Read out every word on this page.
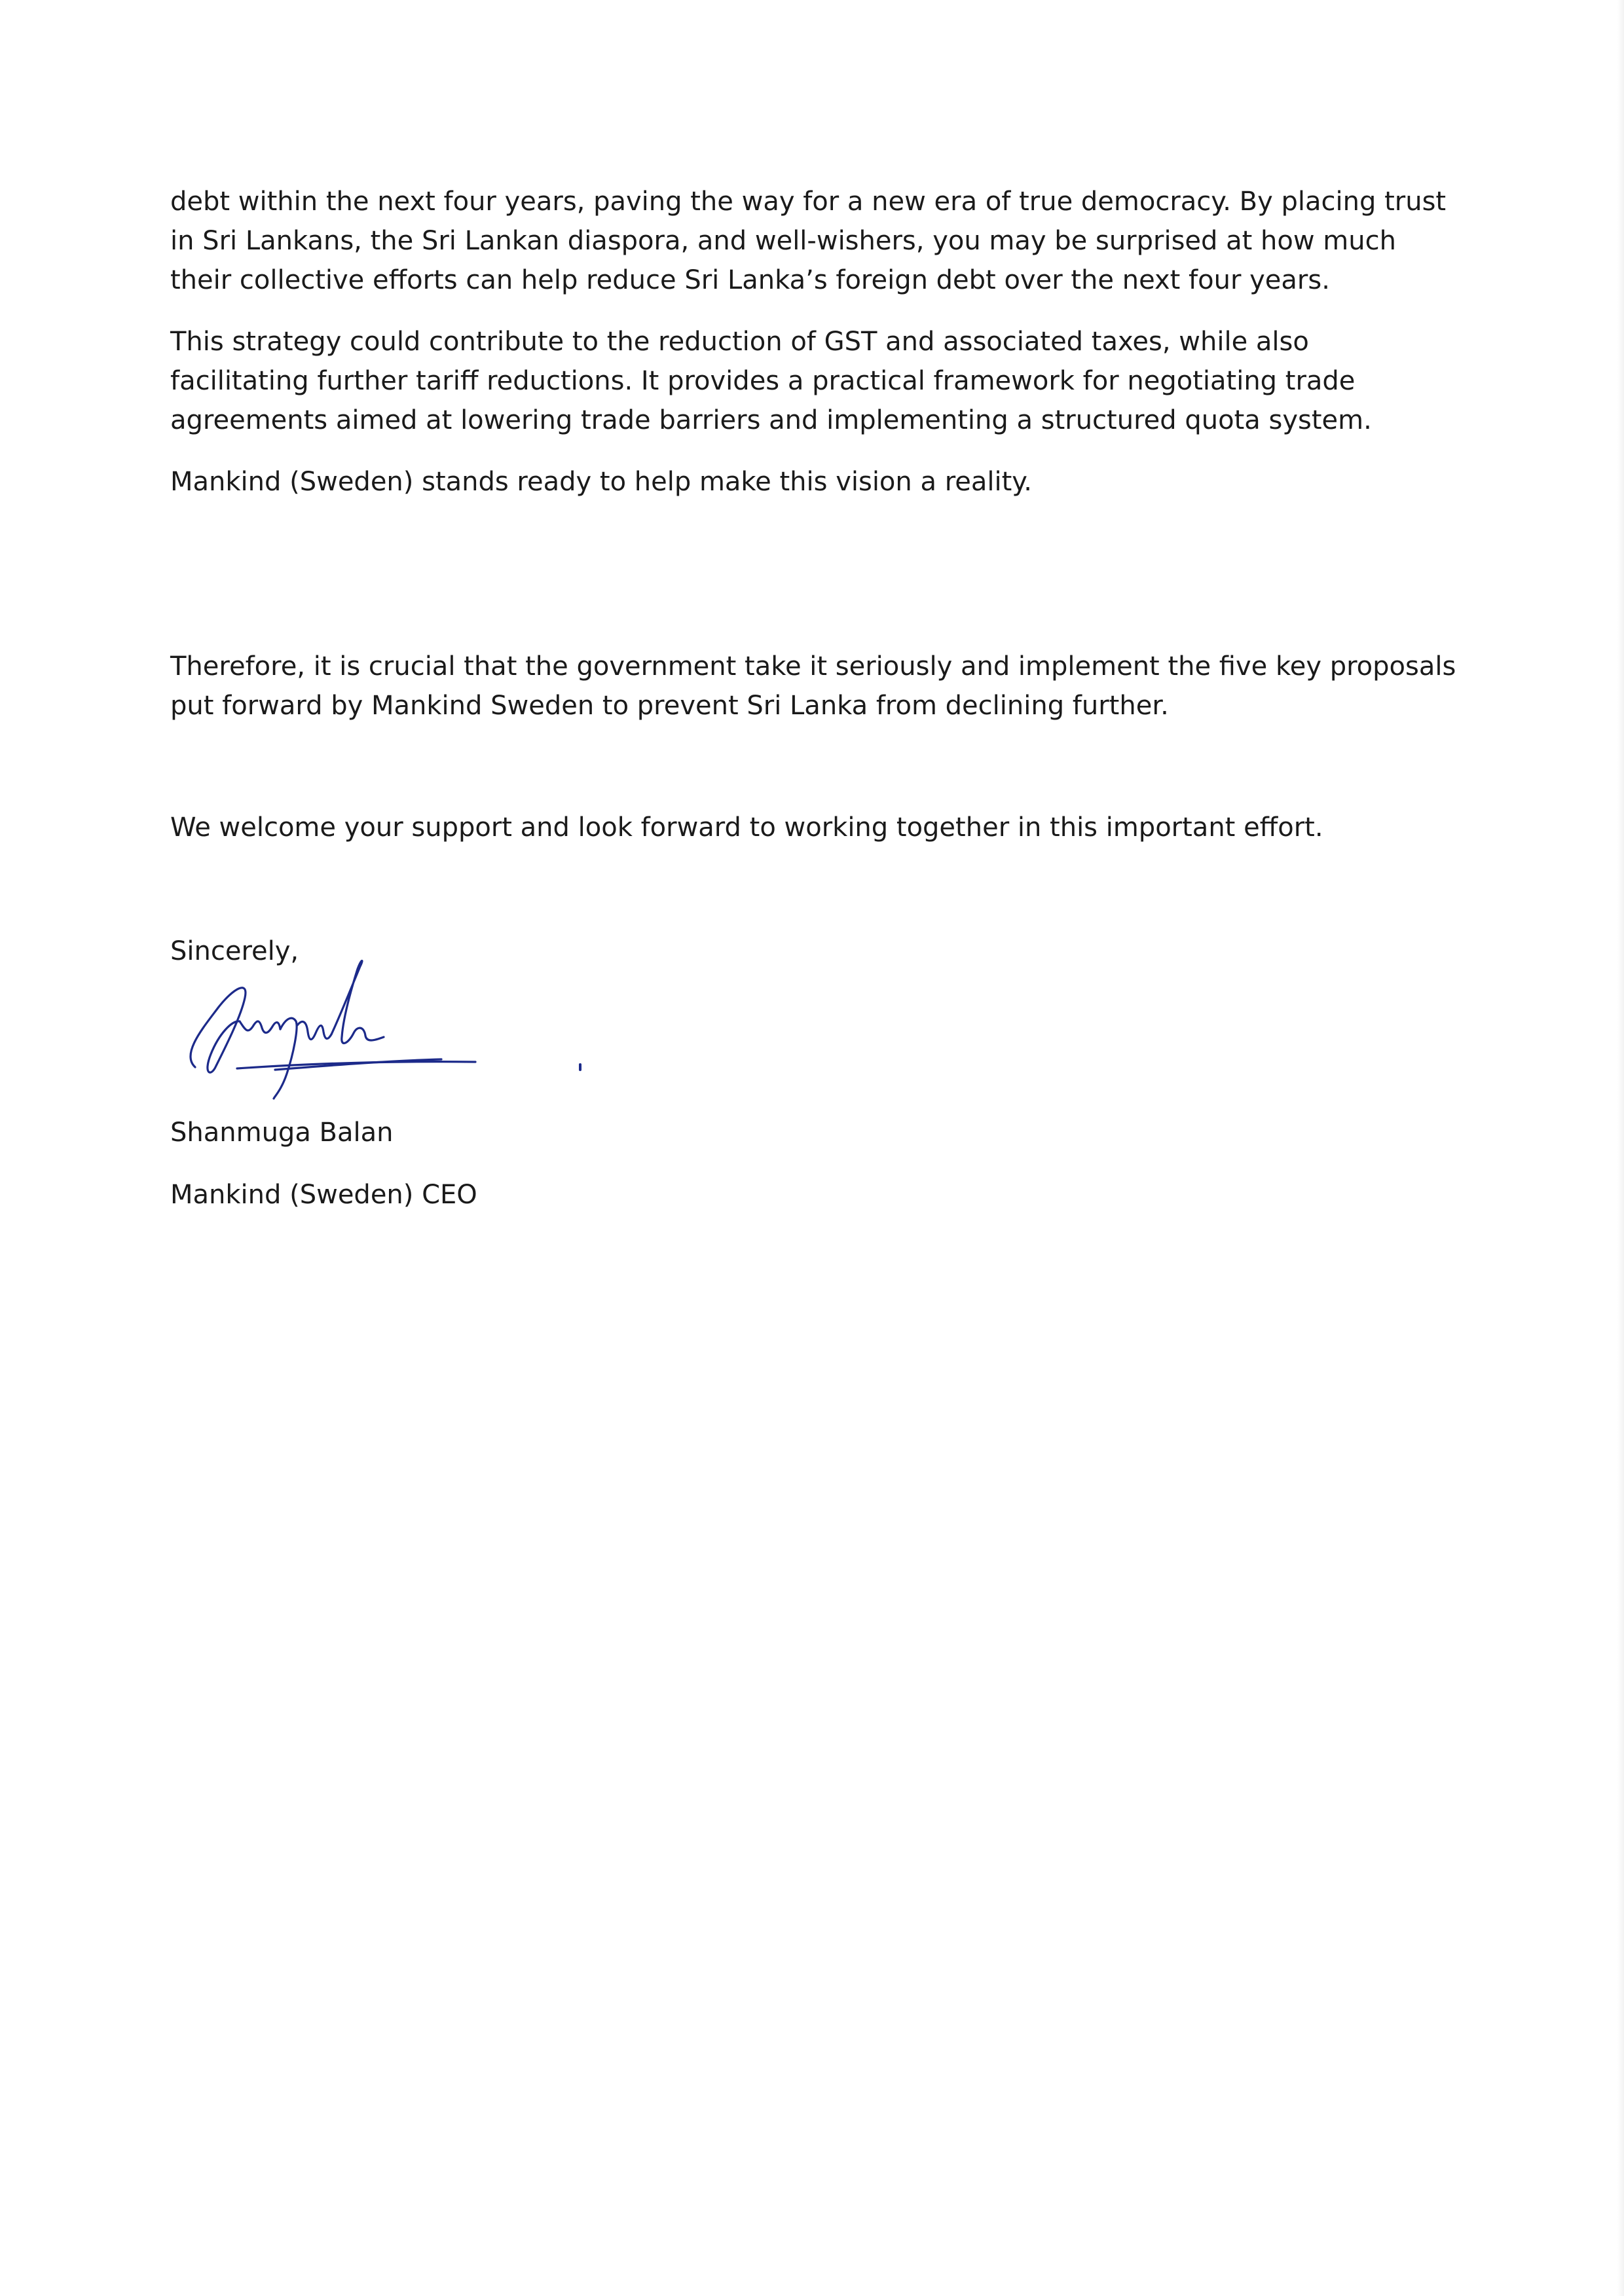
debt within the next four years, paving the way for a new era of true democracy. By placing trust
in Sri Lankans, the Sri Lankan diaspora, and well-wishers, you may be surprised at how much
their collective efforts can help reduce Sri Lanka’s foreign debt over the next four years.

This strategy could contribute to the reduction of GST and associated taxes, while also
facilitating further tariff reductions. It provides a practical framework for negotiating trade
agreements aimed at lowering trade barriers and implementing a structured quota system.

Mankind (Sweden) stands ready to help make this vision a reality.

Therefore, it is crucial that the government take it seriously and implement the five key proposals
put forward by Mankind Sweden to prevent Sri Lanka from declining further.

We welcome your support and look forward to working together in this important effort.

Sincerely,

Shanmuga Balan

Mankind (Sweden) CEO
